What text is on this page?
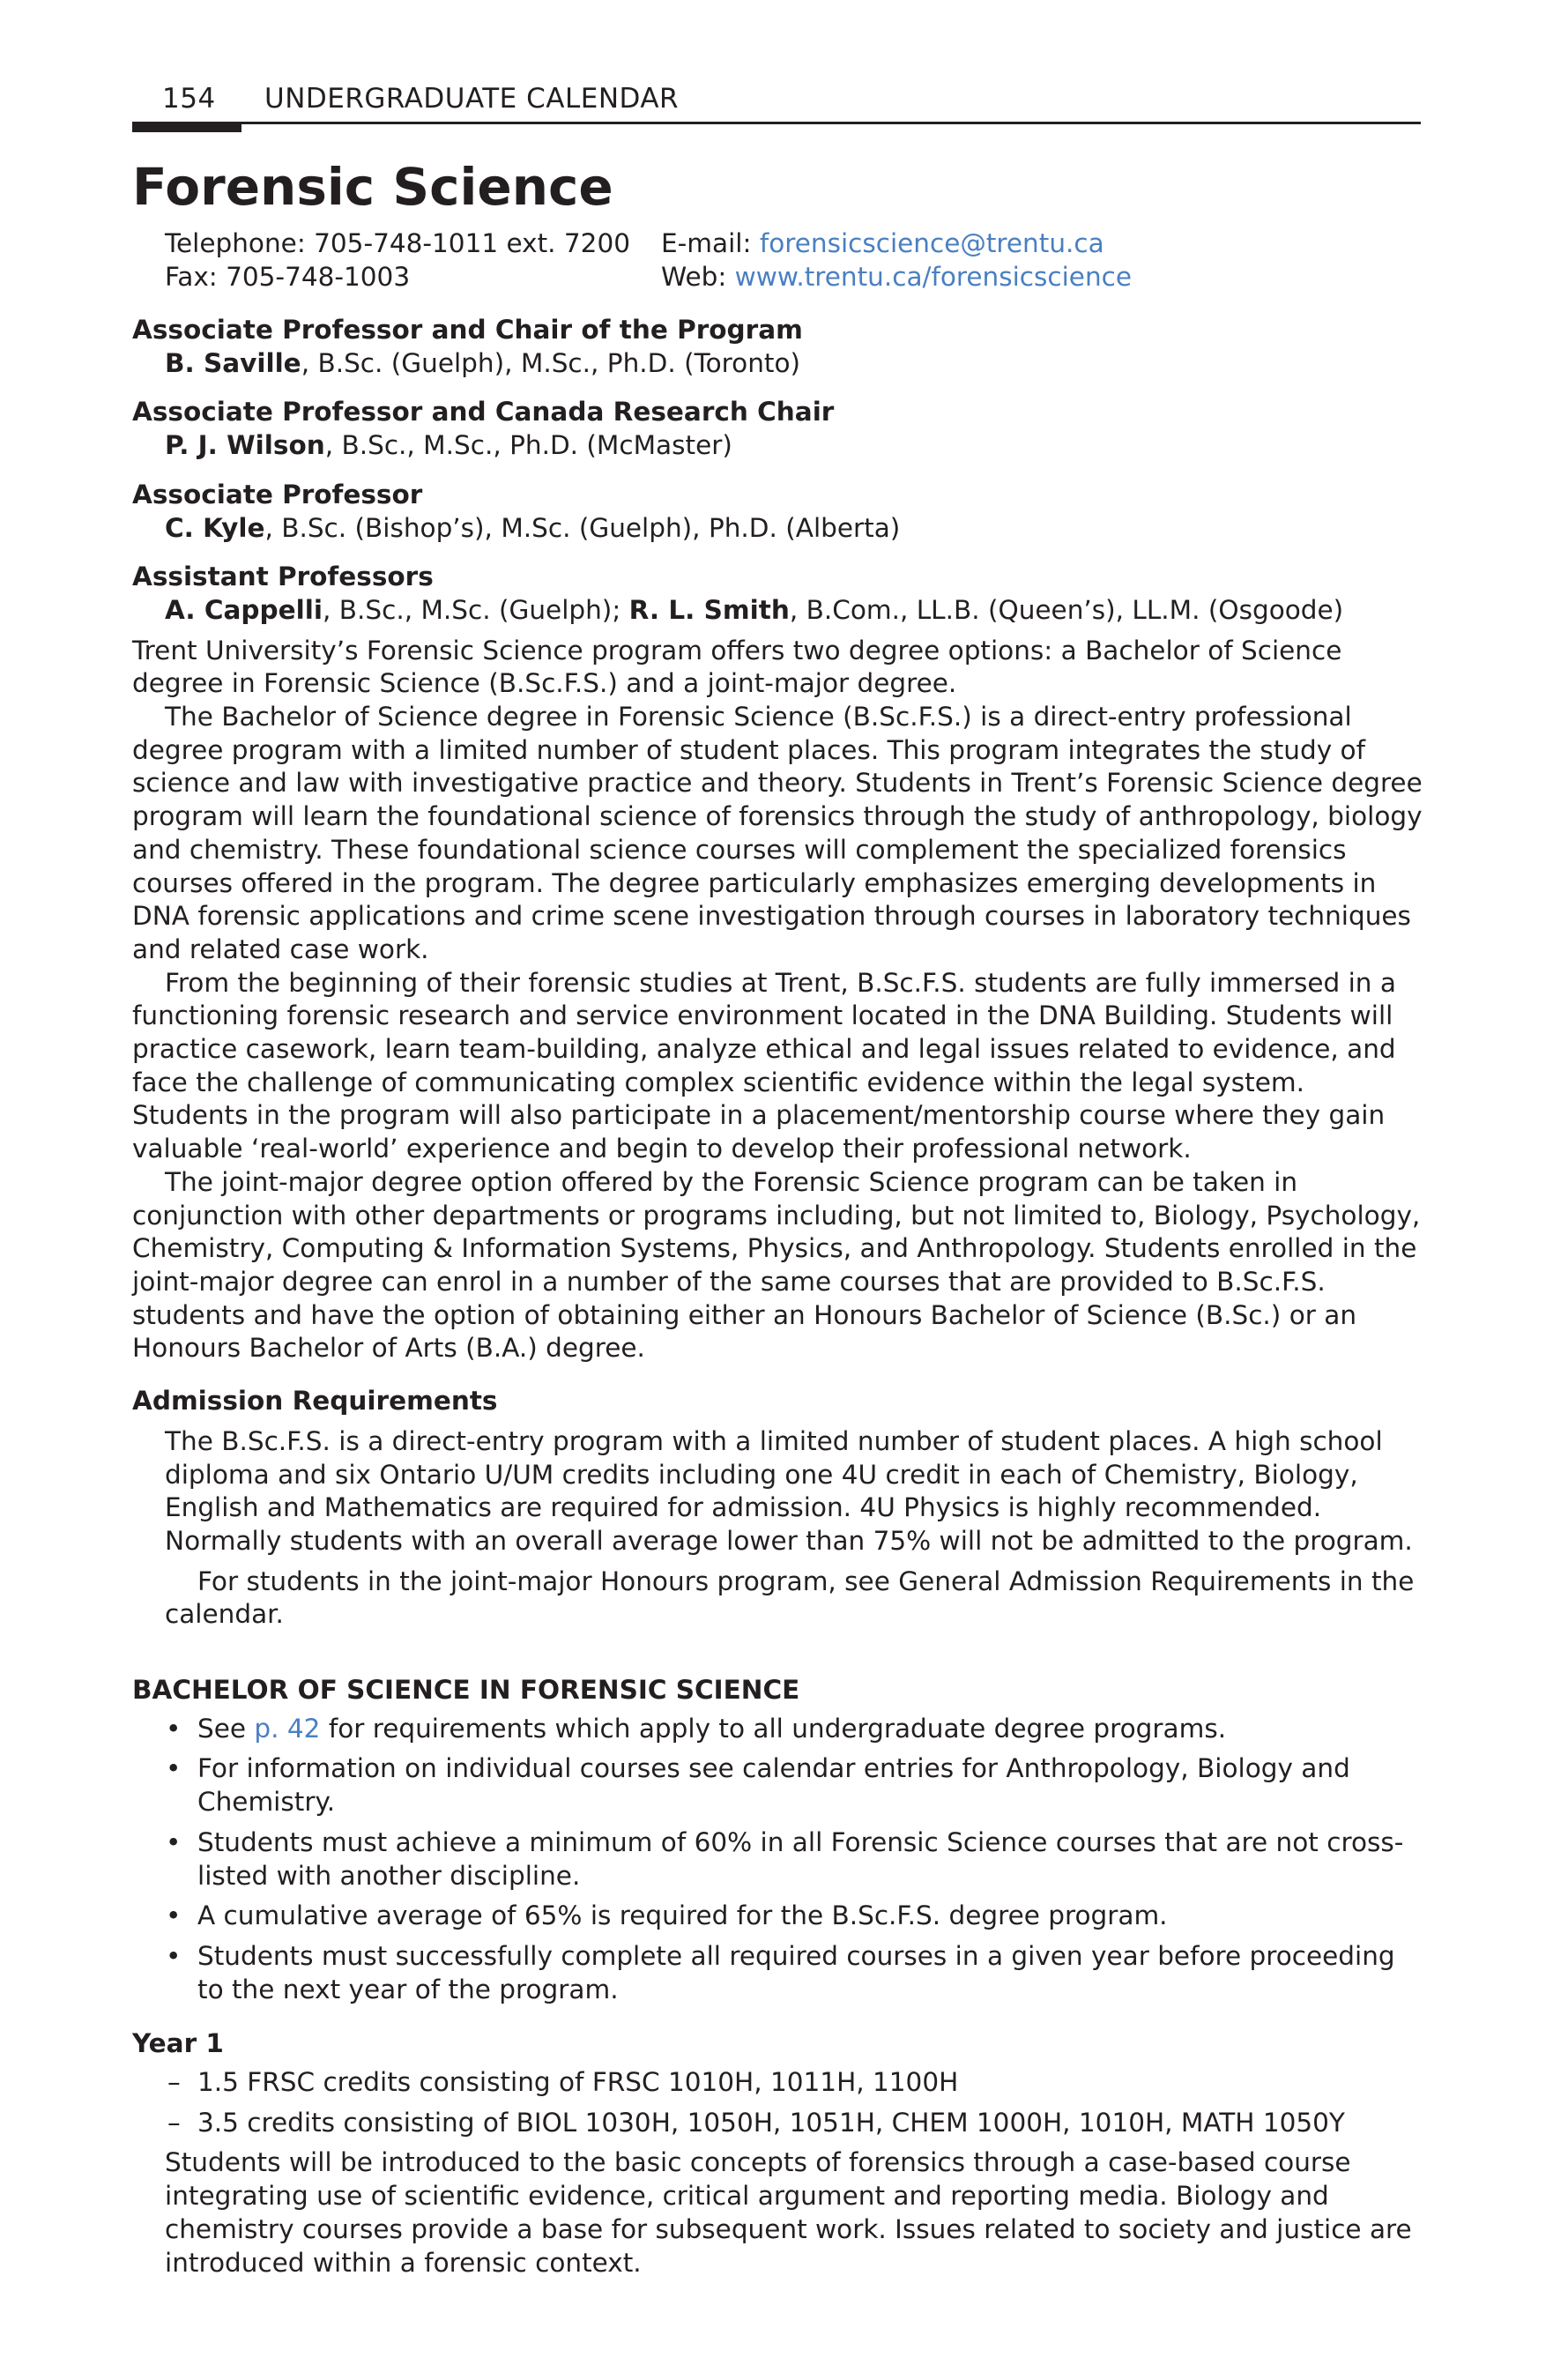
154 UNDERGRADUATE CALENDAR
Forensic Science
Telephone: 705-748-1011 ext. 7200
Fax: 705-748-1003
E-mail: forensicscience@trentu.ca
Web: www.trentu.ca/forensicscience
Associate Professor and Chair of the Program
B. Saville, B.Sc. (Guelph), M.Sc., Ph.D. (Toronto)
Associate Professor and Canada Research Chair
P. J. Wilson, B.Sc., M.Sc., Ph.D. (McMaster)
Associate Professor
C. Kyle, B.Sc. (Bishop’s), M.Sc. (Guelph), Ph.D. (Alberta)
Assistant Professors
A. Cappelli, B.Sc., M.Sc. (Guelph); R. L. Smith, B.Com., LL.B. (Queen’s), LL.M. (Osgoode)

Trent University’s Forensic Science program offers two degree options: a Bachelor of Science degree in Forensic Science (B.Sc.F.S.) and a joint-major degree.

The Bachelor of Science degree in Forensic Science (B.Sc.F.S.) is a direct-entry professional degree program with a limited number of student places. This program integrates the study of science and law with investigative practice and theory. Students in Trent’s Forensic Science degree program will learn the foundational science of forensics through the study of anthropology, biology and chemistry. These foundational science courses will complement the specialized forensics courses offered in the program. The degree particularly emphasizes emerging developments in DNA forensic applications and crime scene investigation through courses in laboratory techniques and related case work.

From the beginning of their forensic studies at Trent, B.Sc.F.S. students are fully immersed in a functioning forensic research and service environment located in the DNA Building. Students will practice casework, learn team-building, analyze ethical and legal issues related to evidence, and face the challenge of communicating complex scientific evidence within the legal system. Students in the program will also participate in a placement/mentorship course where they gain valuable ‘real-world’ experience and begin to develop their professional network.

The joint-major degree option offered by the Forensic Science program can be taken in conjunction with other departments or programs including, but not limited to, Biology, Psychology, Chemistry, Computing & Information Systems, Physics, and Anthropology. Students enrolled in the joint-major degree can enrol in a number of the same courses that are provided to B.Sc.F.S. students and have the option of obtaining either an Honours Bachelor of Science (B.Sc.) or an Honours Bachelor of Arts (B.A.) degree.

Admission Requirements

The B.Sc.F.S. is a direct-entry program with a limited number of student places. A high school diploma and six Ontario U/UM credits including one 4U credit in each of Chemistry, Biology, English and Mathematics are required for admission. 4U Physics is highly recommended. Normally students with an overall average lower than 75% will not be admitted to the program.

For students in the joint-major Honours program, see General Admission Requirements in the calendar.

BACHELOR OF SCIENCE IN FORENSIC SCIENCE
• See p. 42 for requirements which apply to all undergraduate degree programs.
• For information on individual courses see calendar entries for Anthropology, Biology and Chemistry.
• Students must achieve a minimum of 60% in all Forensic Science courses that are not cross-listed with another discipline.
• A cumulative average of 65% is required for the B.Sc.F.S. degree program.
• Students must successfully complete all required courses in a given year before proceeding to the next year of the program.
Year 1
– 1.5 FRSC credits consisting of FRSC 1010H, 1011H, 1100H
– 3.5 credits consisting of BIOL 1030H, 1050H, 1051H, CHEM 1000H, 1010H, MATH 1050Y

Students will be introduced to the basic concepts of forensics through a case-based course integrating use of scientific evidence, critical argument and reporting media. Biology and chemistry courses provide a base for subsequent work. Issues related to society and justice are introduced within a forensic context.
